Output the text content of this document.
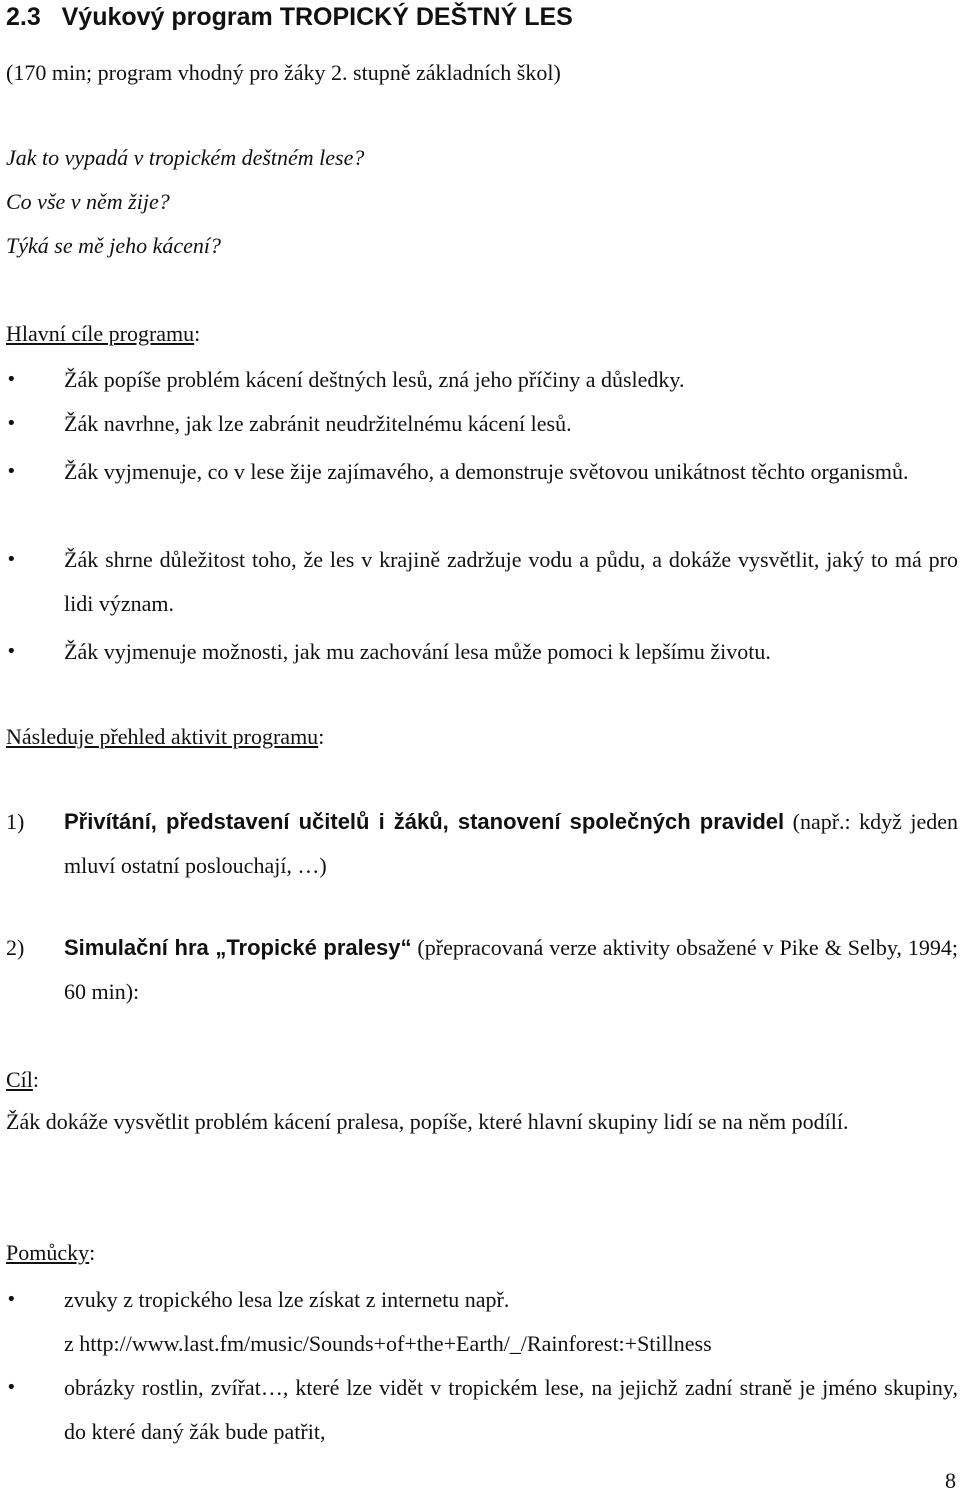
2.3 Výukový program TROPICKÝ DEŠTNÝ LES
(170 min; program vhodný pro žáky 2. stupně základních škol)
Jak to vypadá v tropickém deštném lese?
Co vše v něm žije?
Týká se mě jeho kácení?
Hlavní cíle programu:
• Žák popíše problém kácení deštných lesů, zná jeho příčiny a důsledky.
• Žák navrhne, jak lze zabránit neudržitelnému kácení lesů.
• Žák vyjmenuje, co v lese žije zajímavého, a demonstruje světovou unikátnost těchto organismů.
• Žák shrne důležitost toho, že les v krajině zadržuje vodu a půdu, a dokáže vysvětlit, jaký to má pro lidi význam.
• Žák vyjmenuje možnosti, jak mu zachování lesa může pomoci k lepšímu životu.
Následuje přehled aktivit programu:
1) Přivítání, představení učitelů i žáků, stanovení společných pravidel (např.: když jeden mluví ostatní poslouchají, …)
2) Simulační hra „Tropické pralesy“ (přepracovaná verze aktivity obsažené v Pike & Selby, 1994; 60 min):
Cíl:
Žák dokáže vysvětlit problém kácení pralesa, popíše, které hlavní skupiny lidí se na něm podílí.
Pomůcky:
• zvuky z tropického lesa lze získat z internetu např.
z http://www.last.fm/music/Sounds+of+the+Earth/_/Rainforest:+Stillness
• obrázky rostlin, zvířat…, které lze vidět v tropickém lese, na jejichž zadní straně je jméno skupiny, do které daný žák bude patřit,
8
